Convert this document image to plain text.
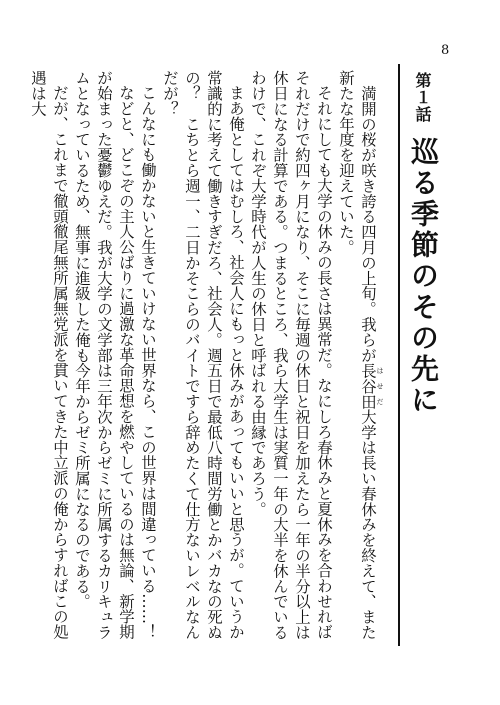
8
第１話
巡る季節のその先に

　満開の桜が咲き誇る四月の上旬。我らが長谷田 はせだ大学は長い春休みを終えて、また新たな年度を迎えていた。

それにしても大学の休みの長さは異常だ。なにしろ春休みと夏休みを合わせればそれだけで約四ヶ月になり、そこに毎週の休日と祝日を加えたら一年の半分以上は休日になる計算である。つまるところ、我ら大学生は実質一年の大半を休んでいるわけで、これぞ大学時代が人生の休日と呼ばれる由縁であろう。

まあ俺としてはむしろ、社会人にもっと休みがあってもいいと思うが。ていうか常識的に考えて働きすぎだろ、社会人。週五日で最低八時間労働とかバカなの死ぬの？　こちとら週一、二日かそこらのバイトですら辞めたくて仕方ないレベルなんだが？

こんなにも働かないと生きていけない世界なら、この世界は間違っている……！

などと、どこぞの主人公ばりに過激な革命思想を燃やしているのは無論、新学期が始まった憂鬱ゆえだ。我が大学の文学部は三年次からゼミに所属するカリキュラムとなっているため、無事に進級した俺も今年からゼミ所属になるのである。

だが、これまで徹頭徹尾無所属無党派を貫いてきた中立派の俺からすればこの処遇は大
